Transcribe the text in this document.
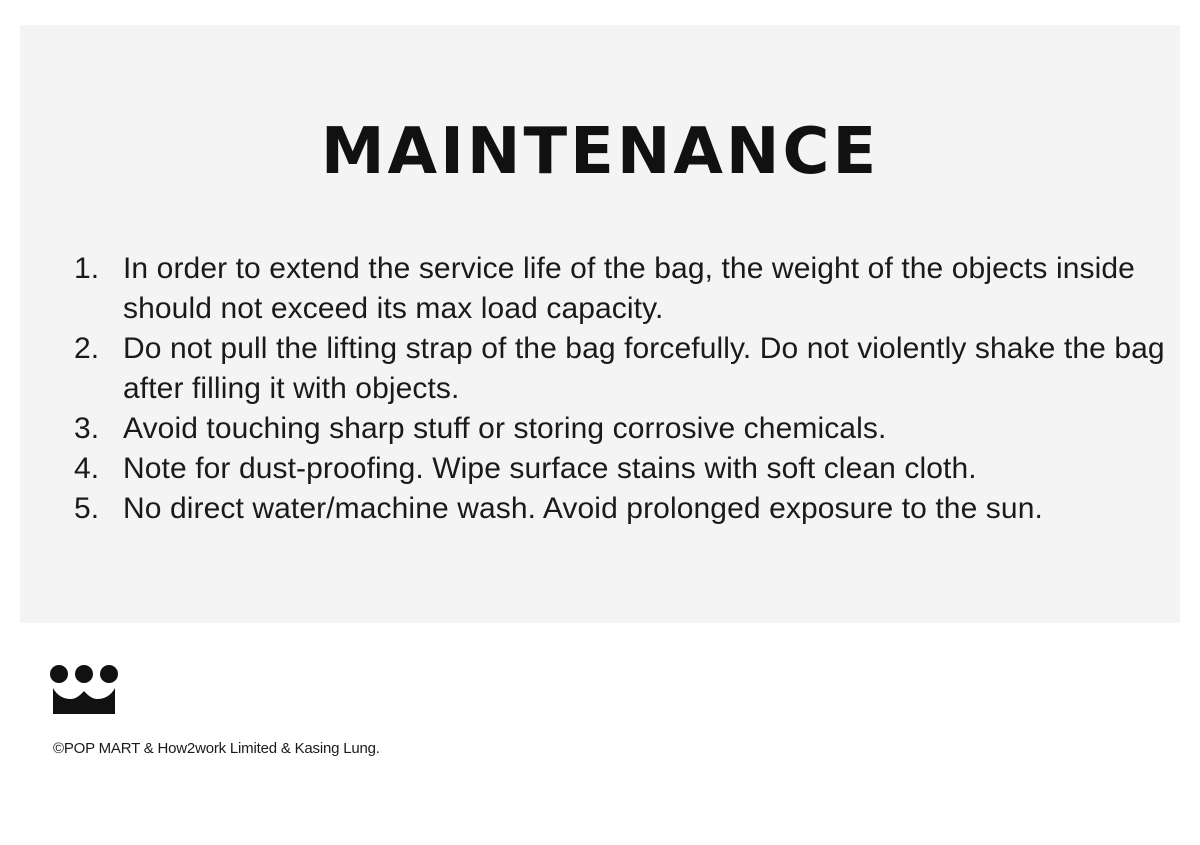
MAINTENANCE
1. In order to extend the service life of the bag, the weight of the objects inside should not exceed its max load capacity.
2. Do not pull the lifting strap of the bag forcefully. Do not violently shake the bag after filling it with objects.
3. Avoid touching sharp stuff or storing corrosive chemicals.
4. Note for dust-proofing. Wipe surface stains with soft clean cloth.
5. No direct water/machine wash. Avoid prolonged exposure to the sun.
©POP MART & How2work Limited & Kasing Lung.
